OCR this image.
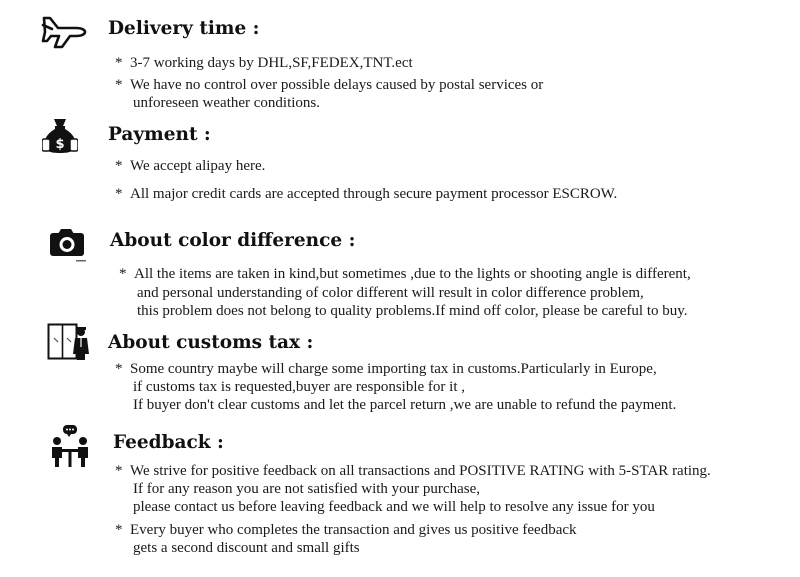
Delivery time :

* 3-7 working days by DHL,SF,FEDEX,TNT.ect

* We have no control over possible delays caused by postal services or

unforeseen weather conditions.

$ Payment :

* We accept alipay here.

* All major credit cards are accepted through secure payment processor ESCROW.

About color difference :

* All the items are taken in kind,but sometimes ,due to the lights or shooting angle is different,

and personal understanding of color different will result in color difference problem,

this problem does not belong to quality problems.If mind off color, please be careful to buy.

About customs tax :

* Some country maybe will charge some importing tax in customs.Particularly in Europe,

if customs tax is requested,buyer are responsible for it ,

If buyer don't clear customs and let the parcel return ,we are unable to refund the payment.

Feedback :

* We strive for positive feedback on all transactions and POSITIVE RATING with 5-STAR rating.

If for any reason you are not satisfied with your purchase,

please contact us before leaving feedback and we will help to resolve any issue for you

* Every buyer who completes the transaction and gives us positive feedback

gets a second discount and small gifts
